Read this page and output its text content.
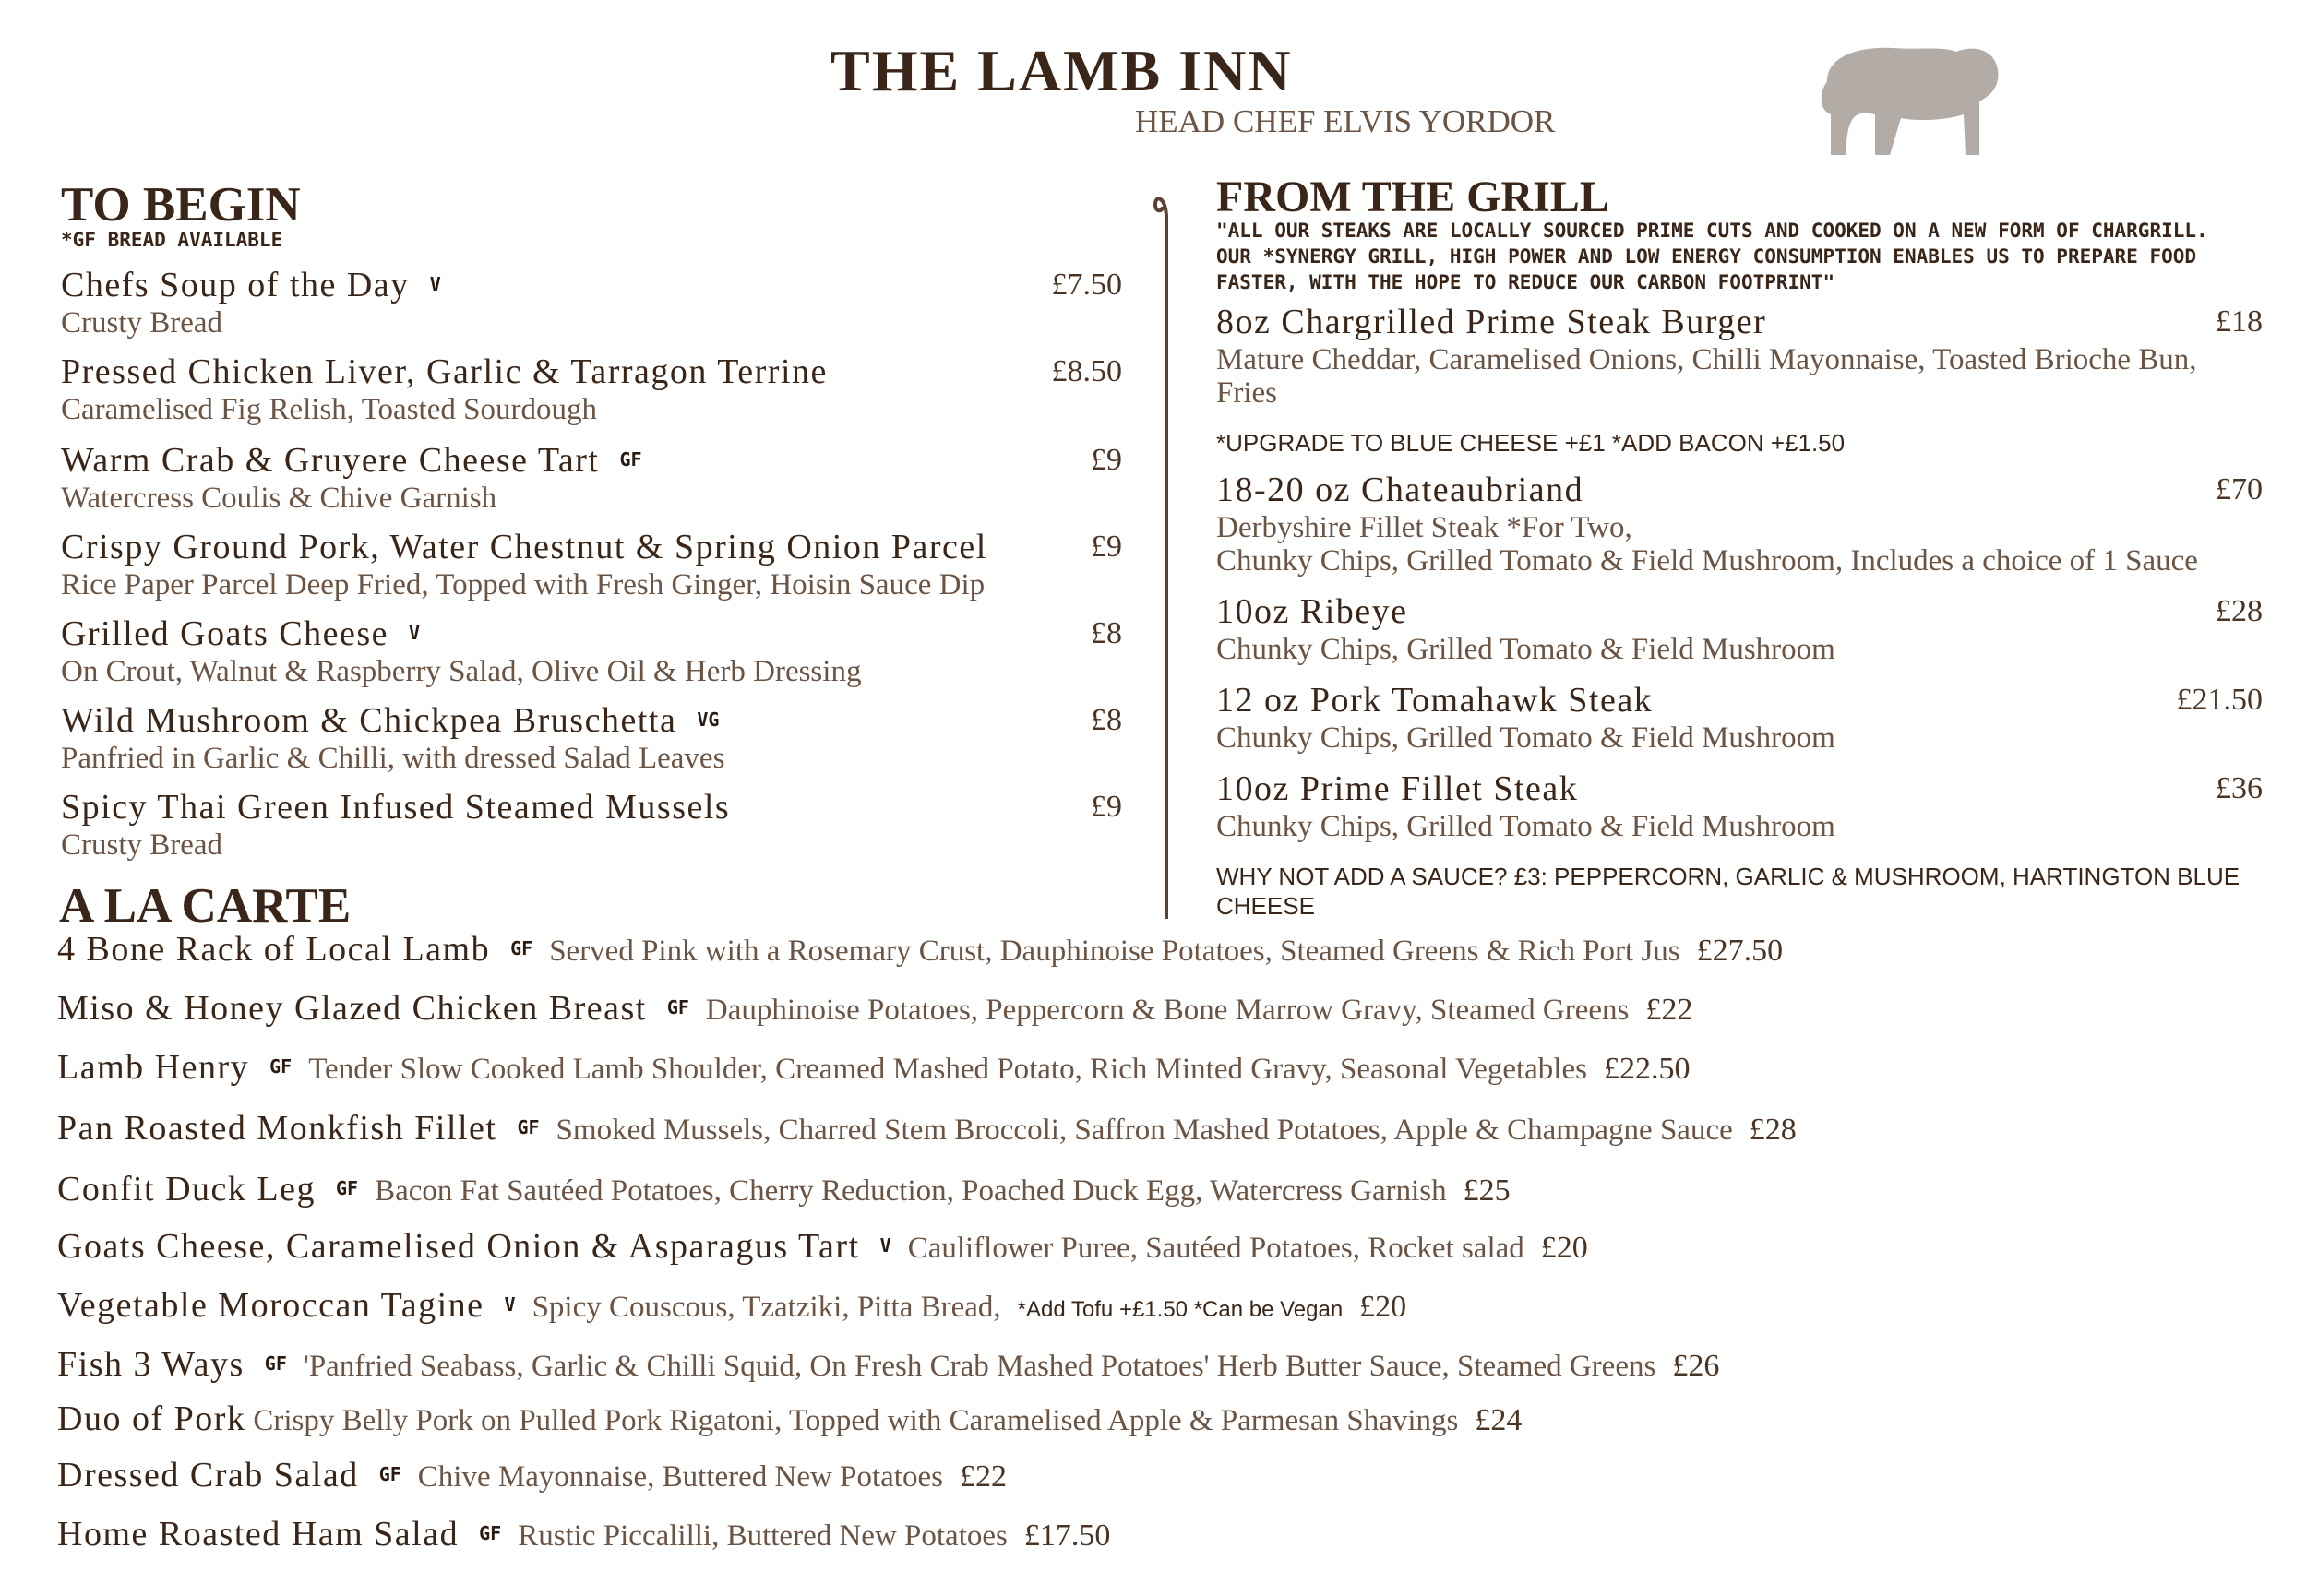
THE LAMB INN
HEAD CHEF ELVIS YORDOR
TO BEGIN
*GF BREAD AVAILABLE
Chefs Soup of the Day V	£7.50
Crusty Bread
Pressed Chicken Liver, Garlic & Tarragon Terrine	£8.50
Caramelised Fig Relish, Toasted Sourdough
Warm Crab & Gruyere Cheese Tart GF	£9
Watercress Coulis & Chive Garnish
Crispy Ground Pork, Water Chestnut & Spring Onion Parcel	£9
Rice Paper Parcel Deep Fried, Topped with Fresh Ginger, Hoisin Sauce Dip
Grilled Goats Cheese V	£8
On Crout, Walnut & Raspberry Salad, Olive Oil & Herb Dressing
Wild Mushroom & Chickpea Bruschetta VG	£8
Panfried in Garlic & Chilli, with dressed Salad Leaves
Spicy Thai Green Infused Steamed Mussels	£9
Crusty Bread
FROM THE GRILL
"ALL OUR STEAKS ARE LOCALLY SOURCED PRIME CUTS AND COOKED ON A NEW FORM OF CHARGRILL.
OUR *SYNERGY GRILL, HIGH POWER AND LOW ENERGY CONSUMPTION ENABLES US TO PREPARE FOOD
FASTER, WITH THE HOPE TO REDUCE OUR CARBON FOOTPRINT"
8oz Chargrilled Prime Steak Burger	£18
Mature Cheddar, Caramelised Onions, Chilli Mayonnaise, Toasted Brioche Bun, Fries
*UPGRADE TO BLUE CHEESE +£1 *ADD BACON +£1.50
18-20 oz Chateaubriand	£70
Derbyshire Fillet Steak *For Two,
Chunky Chips, Grilled Tomato & Field Mushroom, Includes a choice of 1 Sauce
10oz Ribeye	£28
Chunky Chips, Grilled Tomato & Field Mushroom
12 oz Pork Tomahawk Steak	£21.50
Chunky Chips, Grilled Tomato & Field Mushroom
10oz Prime Fillet Steak	£36
Chunky Chips, Grilled Tomato & Field Mushroom
WHY NOT ADD A SAUCE? £3: PEPPERCORN, GARLIC & MUSHROOM, HARTINGTON BLUE
CHEESE
A LA CARTE
4 Bone Rack of Local Lamb GF Served Pink with a Rosemary Crust, Dauphinoise Potatoes, Steamed Greens & Rich Port Jus £27.50
Miso & Honey Glazed Chicken Breast GF Dauphinoise Potatoes, Peppercorn & Bone Marrow Gravy, Steamed Greens £22
Lamb Henry GF Tender Slow Cooked Lamb Shoulder, Creamed Mashed Potato, Rich Minted Gravy, Seasonal Vegetables £22.50
Pan Roasted Monkfish Fillet GF Smoked Mussels, Charred Stem Broccoli, Saffron Mashed Potatoes, Apple & Champagne Sauce £28
Confit Duck Leg GF Bacon Fat Sautéed Potatoes, Cherry Reduction, Poached Duck Egg, Watercress Garnish £25
Goats Cheese, Caramelised Onion & Asparagus Tart V Cauliflower Puree, Sautéed Potatoes, Rocket salad £20
Vegetable Moroccan Tagine V Spicy Couscous, Tzatziki, Pitta Bread, *Add Tofu +£1.50 *Can be Vegan £20
Fish 3 Ways GF 'Panfried Seabass, Garlic & Chilli Squid, On Fresh Crab Mashed Potatoes' Herb Butter Sauce, Steamed Greens £26
Duo of Pork Crispy Belly Pork on Pulled Pork Rigatoni, Topped with Caramelised Apple & Parmesan Shavings £24
Dressed Crab Salad GF Chive Mayonnaise, Buttered New Potatoes £22
Home Roasted Ham Salad GF Rustic Piccalilli, Buttered New Potatoes £17.50
